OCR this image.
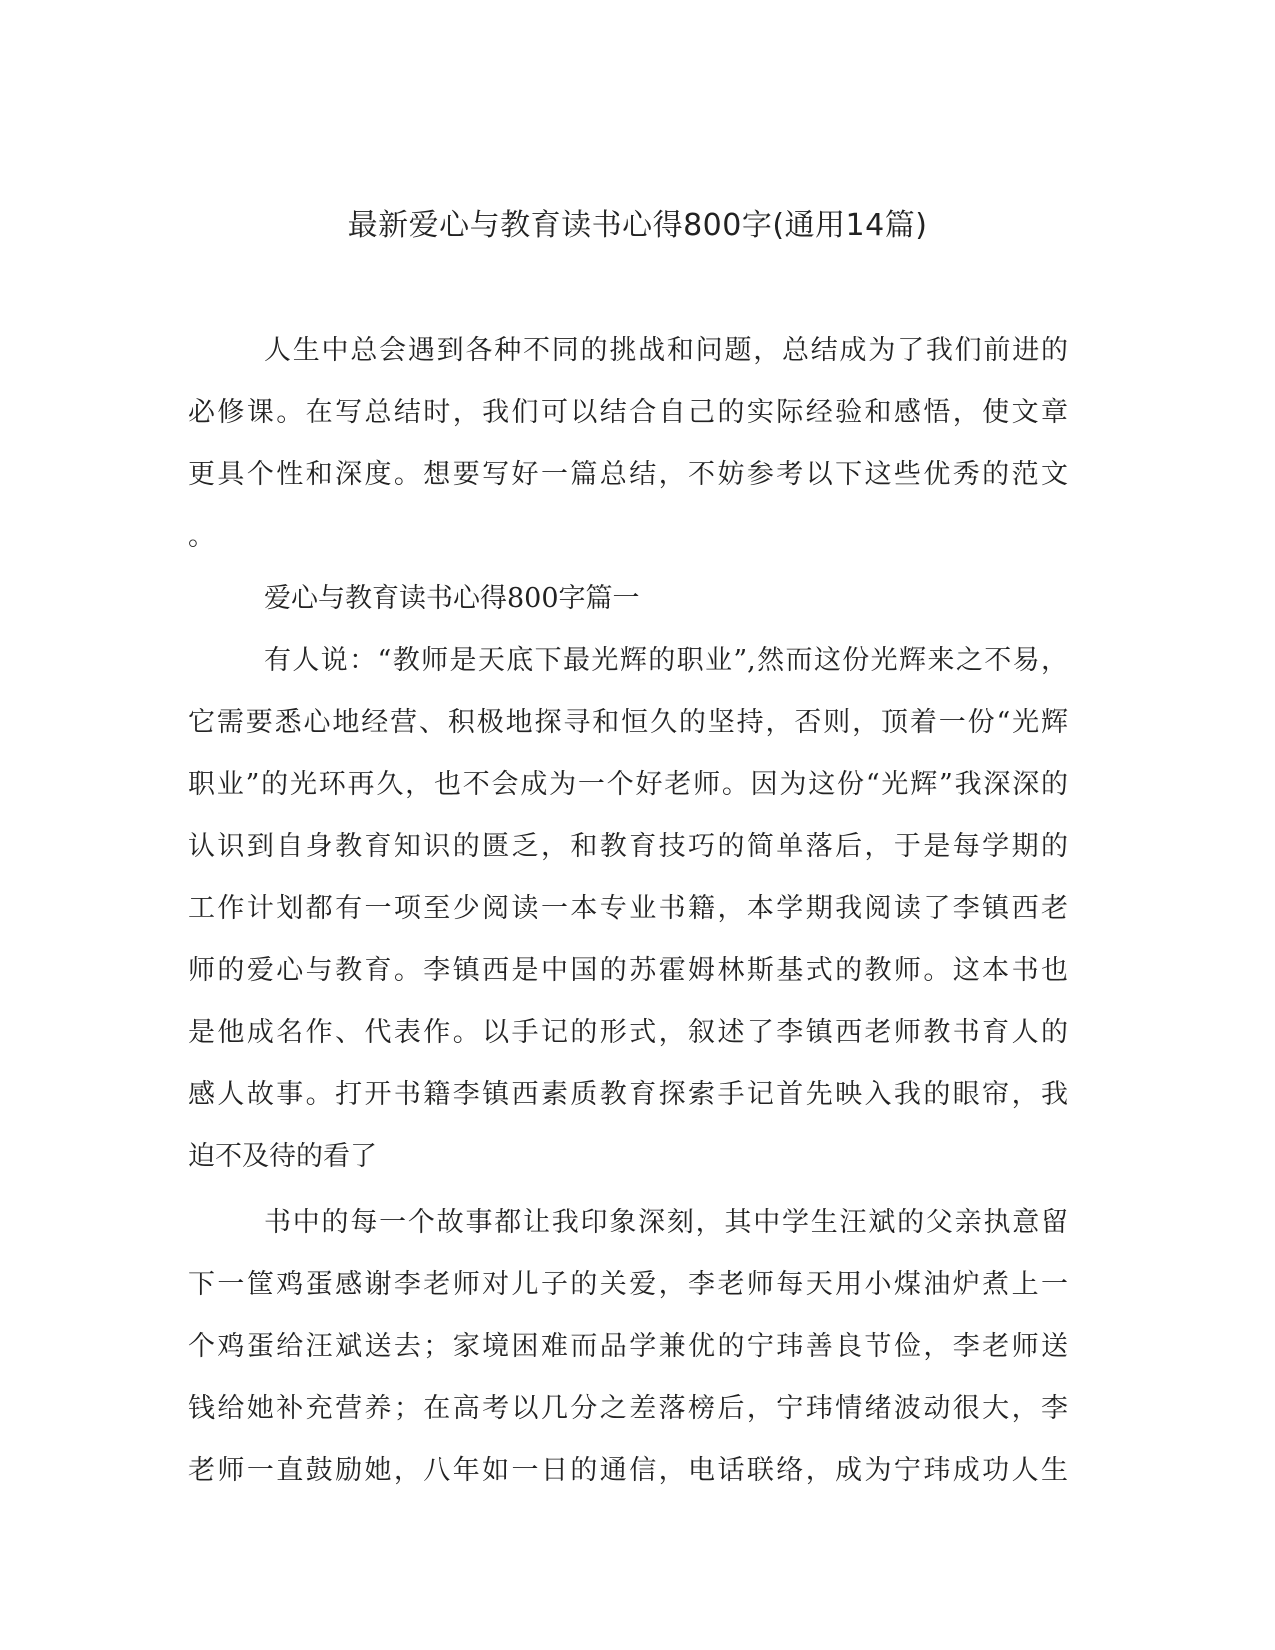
最新爱心与教育读书心得800字(通用14篇)
人生中总会遇到各种不同的挑战和问题，总结成为了我们前进的
必修课。在写总结时，我们可以结合自己的实际经验和感悟，使文章
更具个性和深度。想要写好一篇总结，不妨参考以下这些优秀的范文
。
爱心与教育读书心得800字篇一
有人说：“教师是天底下最光辉的职业”,然而这份光辉来之不易，
它需要悉心地经营、积极地探寻和恒久的坚持，否则，顶着一份“光辉
职业”的光环再久，也不会成为一个好老师。因为这份“光辉”我深深的
认识到自身教育知识的匮乏，和教育技巧的简单落后，于是每学期的
工作计划都有一项至少阅读一本专业书籍，本学期我阅读了李镇西老
师的爱心与教育。李镇西是中国的苏霍姆林斯基式的教师。这本书也
是他成名作、代表作。以手记的形式，叙述了李镇西老师教书育人的
感人故事。打开书籍李镇西素质教育探索手记首先映入我的眼帘，我
迫不及待的看了
书中的每一个故事都让我印象深刻，其中学生汪斌的父亲执意留
下一筐鸡蛋感谢李老师对儿子的关爱，李老师每天用小煤油炉煮上一
个鸡蛋给汪斌送去；家境困难而品学兼优的宁玮善良节俭，李老师送
钱给她补充营养；在高考以几分之差落榜后，宁玮情绪波动很大，李
老师一直鼓励她，八年如一日的通信，电话联络，成为宁玮成功人生
